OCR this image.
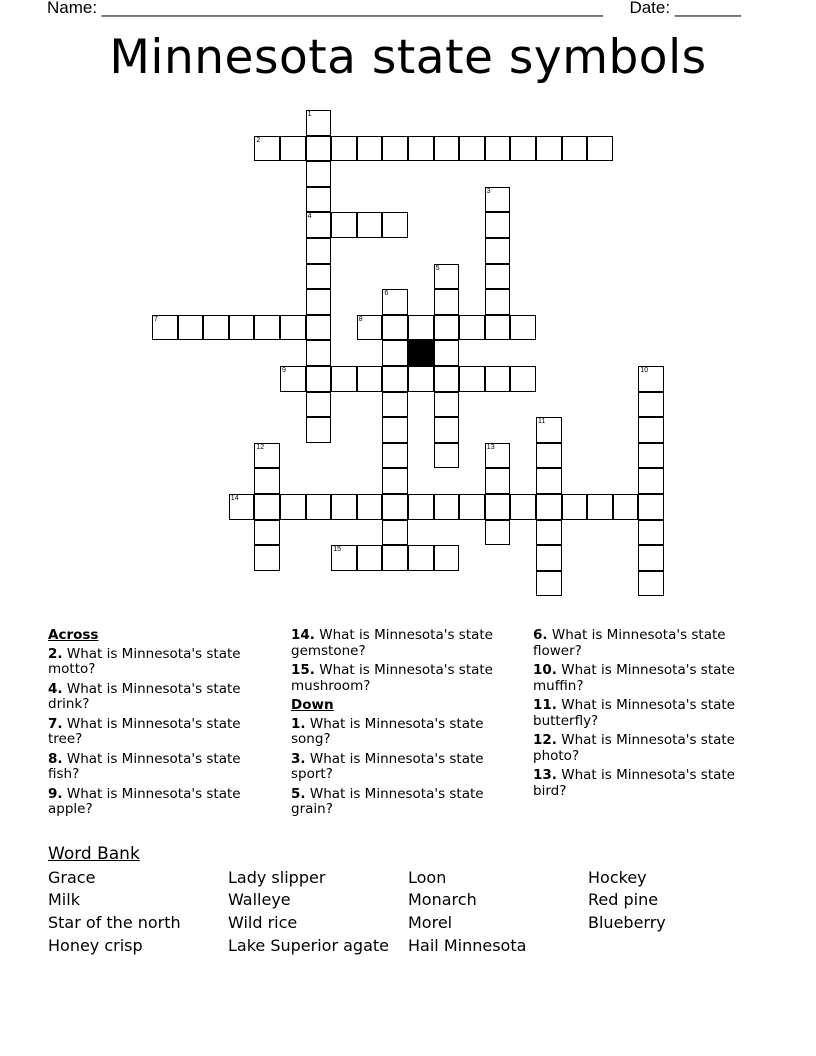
Name: _____________________________________________________ Date: _______
Minnesota state symbols
1
4
2
3
5
6
7	8
9	10
11
12	13
14
15
Across
2. What is Minnesota's state motto?
4. What is Minnesota's state drink?
7. What is Minnesota's state tree?
8. What is Minnesota's state fish?
9. What is Minnesota's state apple?
14. What is Minnesota's state gemstone?
15. What is Minnesota's state mushroom?
Down
1. What is Minnesota's state song?
3. What is Minnesota's state sport?
5. What is Minnesota's state grain?
6. What is Minnesota's state flower?
10. What is Minnesota's state muffin?
11. What is Minnesota's state butterfly?
12. What is Minnesota's state photo?
13. What is Minnesota's state bird?
Word Bank
Grace
Milk
Star of the north
Honey crisp
Lady slipper
Walleye
Wild rice
Lake Superior agate
Loon
Monarch
Morel
Hail Minnesota
Hockey
Red pine
Blueberry
